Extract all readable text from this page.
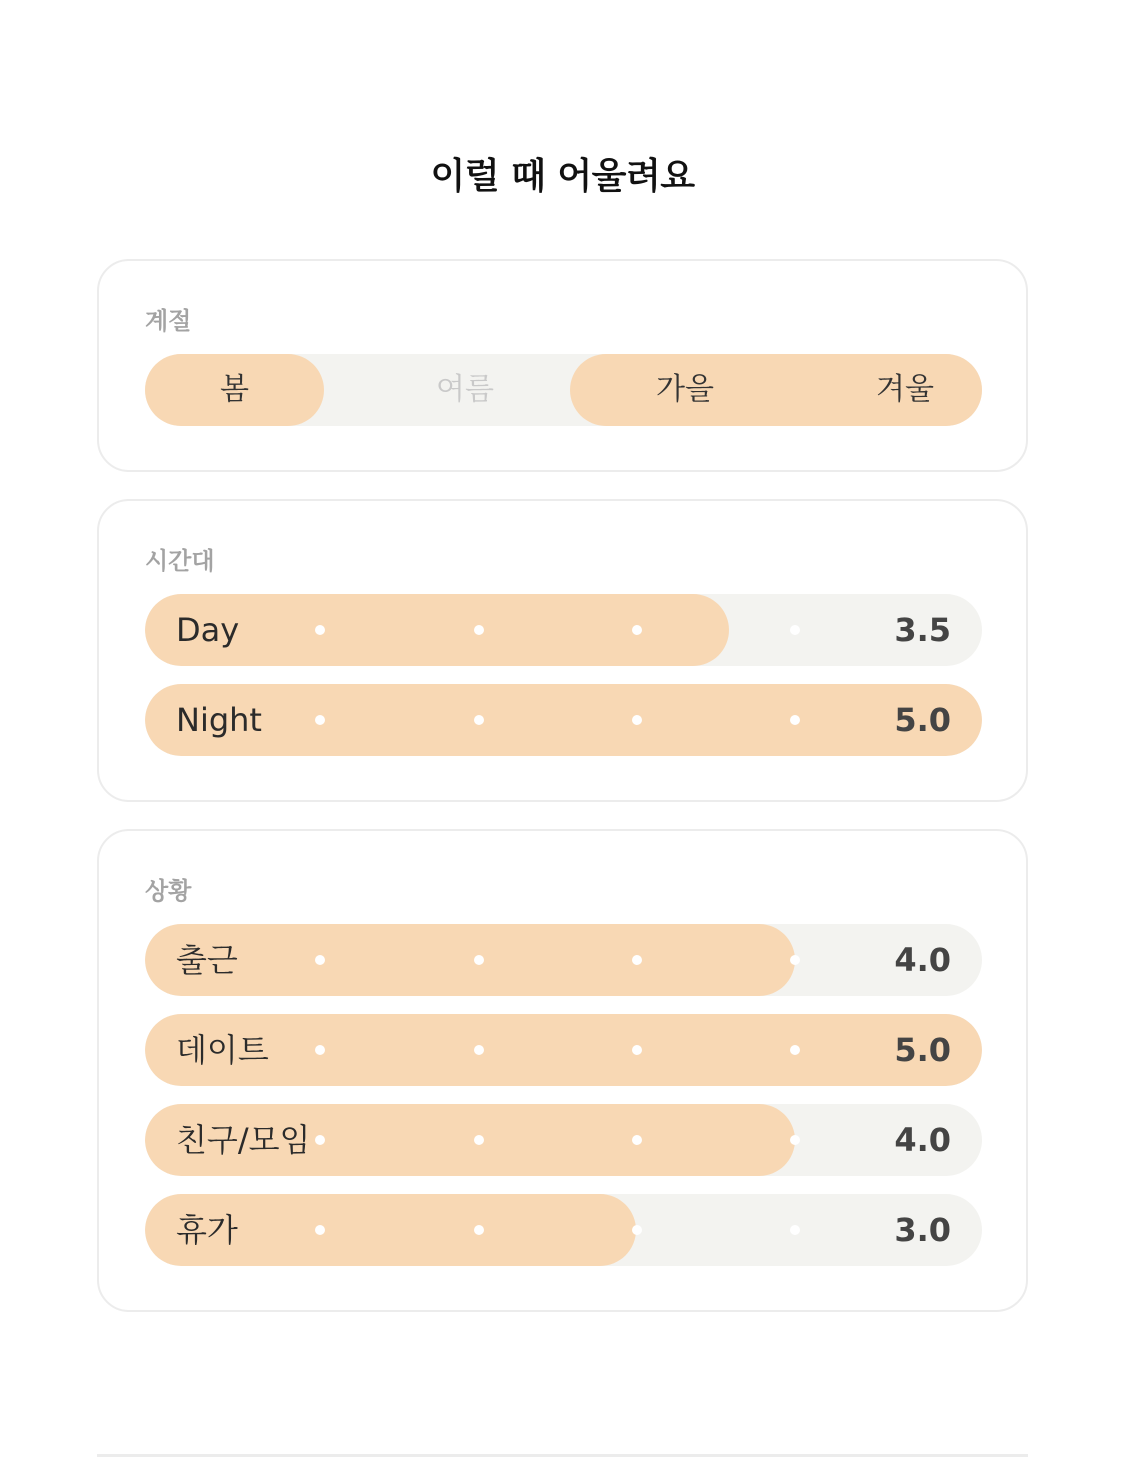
이럴 때 어울려요
계절
봄	여름	가을	겨울
시간대
Day	3.5
Night	5.0
상황
출근	4.0
데이트	5.0
친구/모임	4.0
휴가	3.0
